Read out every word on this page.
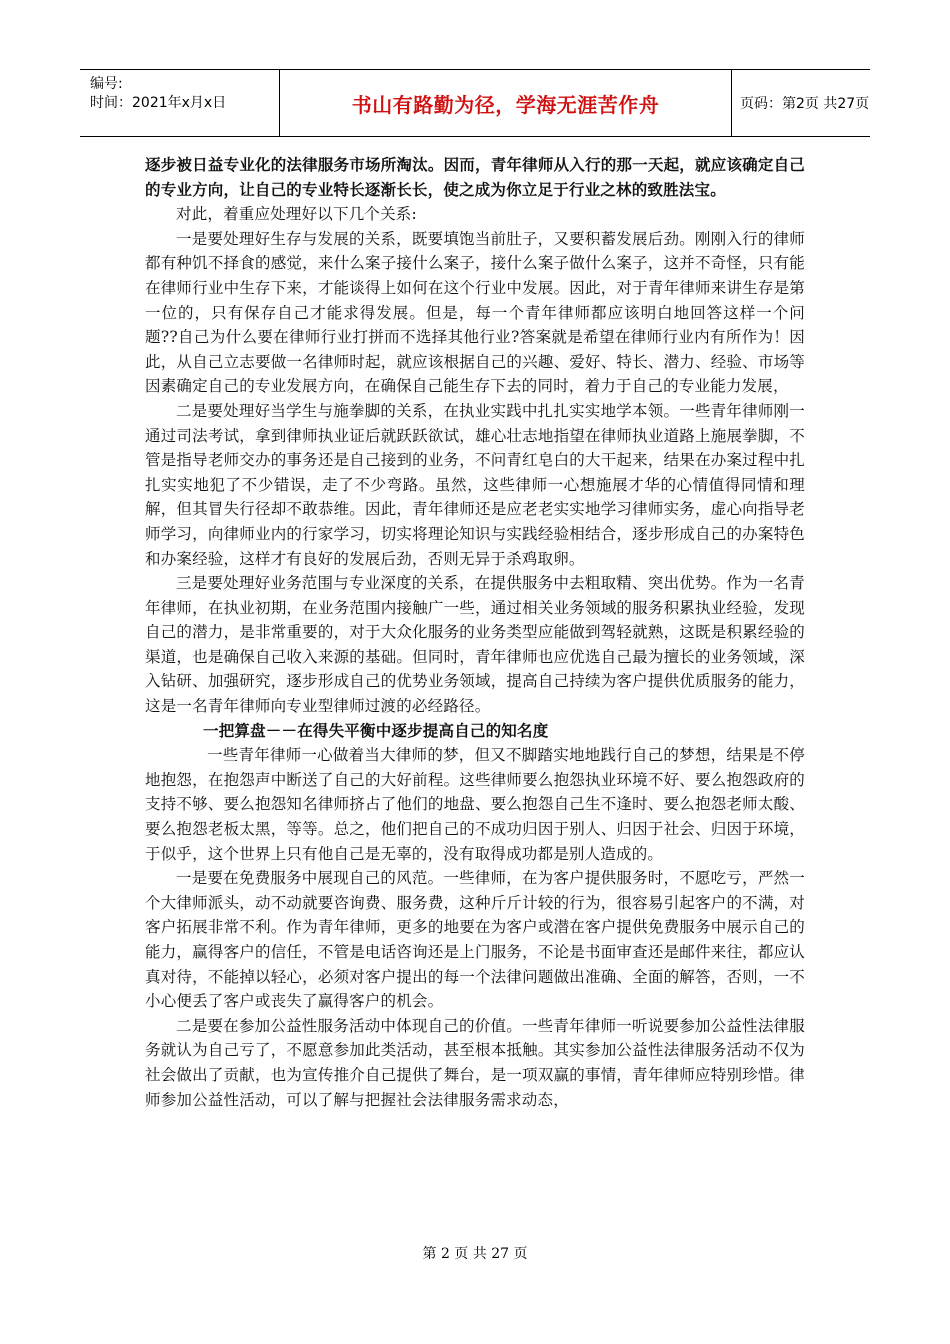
编号:
时间：2021年x月x日	书山有路勤为径，学海无涯苦作舟	页码：第2页 共27页

逐步被日益专业化的法律服务市场所淘汰。因而，青年律师从入行的那一天起，就应该确定自己的专业方向，让自己的专业特长逐渐长长，使之成为你立足于行业之林的致胜法宝。

对此，着重应处理好以下几个关系:

一是要处理好生存与发展的关系，既要填饱当前肚子，又要积蓄发展后劲。刚刚入行的律师都有种饥不择食的感觉，来什么案子接什么案子，接什么案子做什么案子，这并不奇怪，只有能在律师行业中生存下来，才能谈得上如何在这个行业中发展。因此，对于青年律师来讲生存是第一位的，只有保存自己才能求得发展。但是，每一个青年律师都应该明白地回答这样一个问题??自己为什么要在律师行业打拼而不选择其他行业?答案就是希望在律师行业内有所作为！因此，从自己立志要做一名律师时起，就应该根据自己的兴趣、爱好、特长、潜力、经验、市场等因素确定自己的专业发展方向，在确保自己能生存下去的同时，着力于自己的专业能力发展，

二是要处理好当学生与施拳脚的关系，在执业实践中扎扎实实地学本领。一些青年律师刚一通过司法考试，拿到律师执业证后就跃跃欲试，雄心壮志地指望在律师执业道路上施展拳脚，不管是指导老师交办的事务还是自己接到的业务，不问青红皂白的大干起来，结果在办案过程中扎扎实实地犯了不少错误，走了不少弯路。虽然，这些律师一心想施展才华的心情值得同情和理解，但其冒失行径却不敢恭维。因此，青年律师还是应老老实实地学习律师实务，虚心向指导老师学习，向律师业内的行家学习，切实将理论知识与实践经验相结合，逐步形成自己的办案特色和办案经验，这样才有良好的发展后劲，否则无异于杀鸡取卵。

三是要处理好业务范围与专业深度的关系，在提供服务中去粗取精、突出优势。作为一名青年律师，在执业初期，在业务范围内接触广一些，通过相关业务领域的服务积累执业经验，发现自己的潜力，是非常重要的，对于大众化服务的业务类型应能做到驾轻就熟，这既是积累经验的渠道，也是确保自己收入来源的基础。但同时，青年律师也应优选自己最为擅长的业务领域，深入钻研、加强研究，逐步形成自己的优势业务领域，提高自己持续为客户提供优质服务的能力，这是一名青年律师向专业型律师过渡的必经路径。

一把算盘－－在得失平衡中逐步提高自己的知名度

一些青年律师一心做着当大律师的梦，但又不脚踏实地地践行自己的梦想，结果是不停地抱怨，在抱怨声中断送了自己的大好前程。这些律师要么抱怨执业环境不好、要么抱怨政府的支持不够、要么抱怨知名律师挤占了他们的地盘、要么抱怨自己生不逢时、要么抱怨老师太酸、要么抱怨老板太黑，等等。总之，他们把自己的不成功归因于别人、归因于社会、归因于环境，于似乎，这个世界上只有他自己是无辜的，没有取得成功都是别人造成的。

一是要在免费服务中展现自己的风范。一些律师，在为客户提供服务时，不愿吃亏，严然一个大律师派头，动不动就要咨询费、服务费，这种斤斤计较的行为，很容易引起客户的不满，对客户拓展非常不利。作为青年律师，更多的地要在为客户或潜在客户提供免费服务中展示自己的能力，赢得客户的信任，不管是电话咨询还是上门服务，不论是书面审查还是邮件来往，都应认真对待，不能掉以轻心，必须对客户提出的每一个法律问题做出准确、全面的解答，否则，一不小心便丢了客户或丧失了赢得客户的机会。

二是要在参加公益性服务活动中体现自己的价值。一些青年律师一听说要参加公益性法律服务就认为自己亏了，不愿意参加此类活动，甚至根本抵触。其实参加公益性法律服务活动不仅为社会做出了贡献，也为宣传推介自己提供了舞台，是一项双赢的事情，青年律师应特别珍惜。律师参加公益性活动，可以了解与把握社会法律服务需求动态，

第 2 页 共 27 页
